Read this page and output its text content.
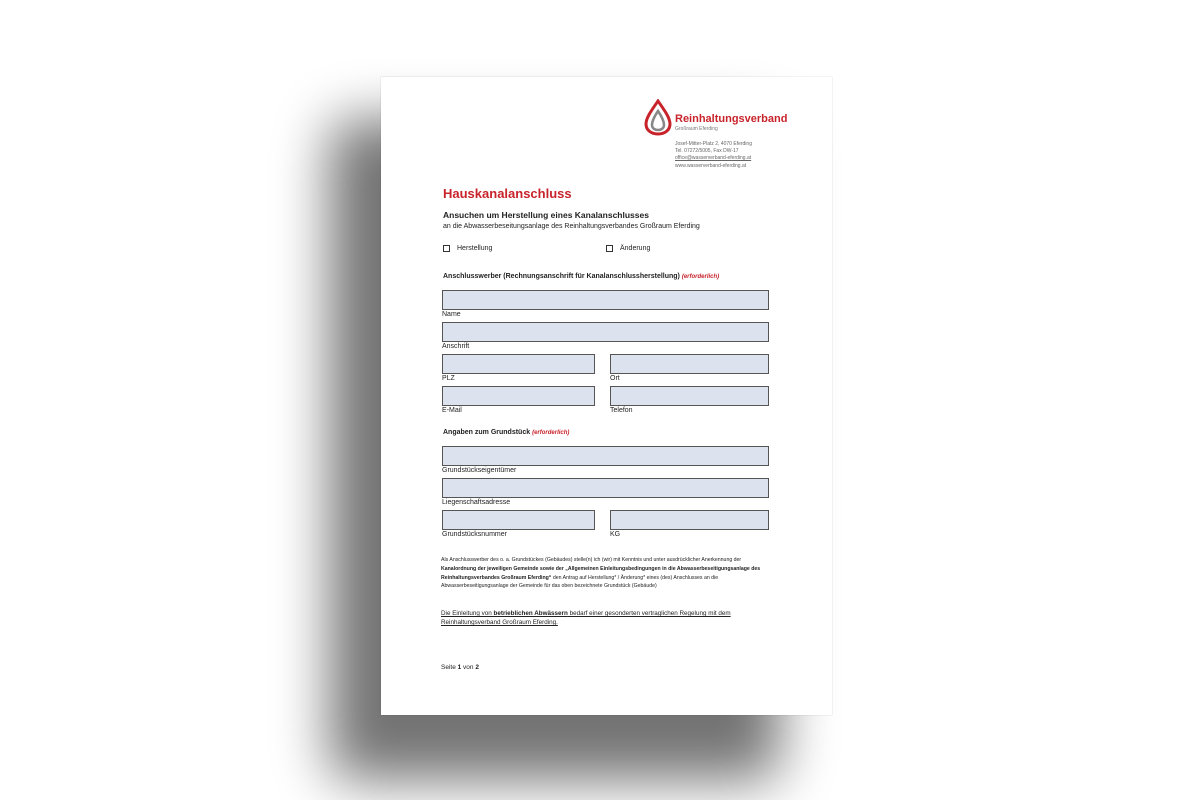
Reinhaltungsverband
Großraum Eferding
Josef-Mitter-Platz 2, 4070 Eferding
Tel. 07272/5005, Fax DW-17
office@wasserverband-eferding.at
www.wasserverband-eferding.at
Hauskanalanschluss
Ansuchen um Herstellung eines Kanalanschlusses
an die Abwasserbeseitungsanlage des Reinhaltungsverbandes Großraum Eferding
Herstellung	Änderung
Anschlusswerber (Rechnungsanschrift für Kanalanschlussherstellung) (erforderlich)
Name
Anschrift
PLZ	Ort
E-Mail	Telefon
Angaben zum Grundstück (erforderlich)
Grundstückseigentümer
Liegenschaftsadresse
Grundstücksnummer	KG
Als Anschlusswerber des o. a. Grundstückes (Gebäudes) stelle(n) ich (wir) mit Kenntnis und unter ausdrücklicher Anerkennung der Kanalordnung der jeweiligen Gemeinde sowie der „Allgemeinen Einleitungsbedingungen in die Abwasserbeseitigungsanlage des Reinhaltungsverbandes Großraum Eferding“ den Antrag auf Herstellung* / Änderung* eines (des) Anschlusses an die Abwasserbeseitigungsanlage der Gemeinde für das oben bezeichnete Grundstück (Gebäude)
Die Einleitung von betrieblichen Abwässern bedarf einer gesonderten vertraglichen Regelung mit dem Reinhaltungsverband Großraum Eferding.
Seite 1 von 2
